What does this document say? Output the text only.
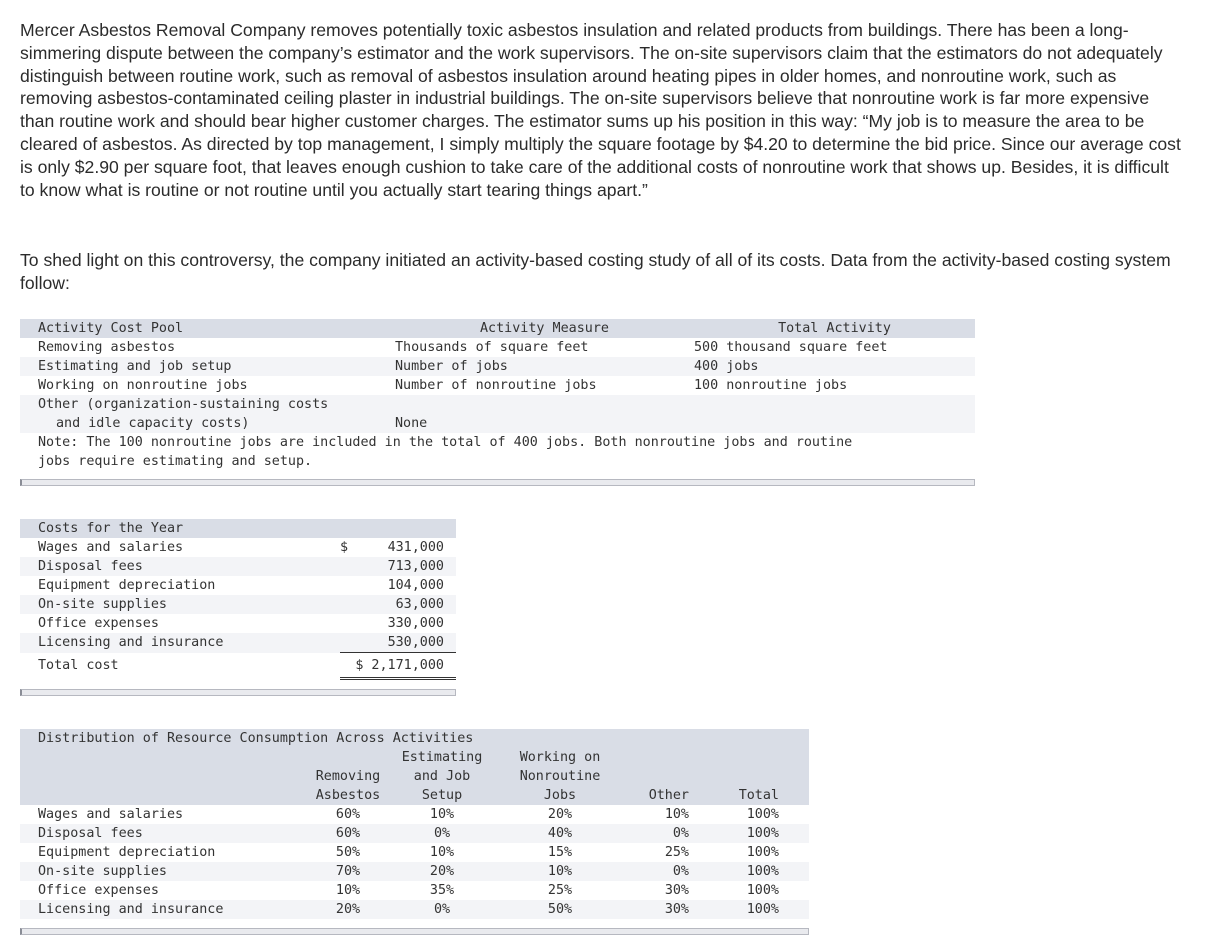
Mercer Asbestos Removal Company removes potentially toxic asbestos insulation and related products from buildings. There has been a long-simmering dispute between the company’s estimator and the work supervisors. The on-site supervisors claim that the estimators do not adequately distinguish between routine work, such as removal of asbestos insulation around heating pipes in older homes, and nonroutine work, such as removing asbestos-contaminated ceiling plaster in industrial buildings. The on-site supervisors believe that nonroutine work is far more expensive than routine work and should bear higher customer charges. The estimator sums up his position in this way: “My job is to measure the area to be cleared of asbestos. As directed by top management, I simply multiply the square footage by $4.20 to determine the bid price. Since our average cost is only $2.90 per square foot, that leaves enough cushion to take care of the additional costs of nonroutine work that shows up. Besides, it is difficult to know what is routine or not routine until you actually start tearing things apart.”

To shed light on this controversy, the company initiated an activity-based costing study of all of its costs. Data from the activity-based costing system follow:

	Activity Cost Pool	Activity Measure	Total Activity
	Removing asbestos	Thousands of square feet	500 thousand square feet
	Estimating and job setup	Number of jobs	400 jobs
	Working on nonroutine jobs	Number of nonroutine jobs	100 nonroutine jobs
	Other (organization-sustaining costs		
	and idle capacity costs)	None	
	Note: The 100 nonroutine jobs are included in the total of 400 jobs. Both nonroutine jobs and routine		
	jobs require estimating and setup.		
	Costs for the Year		
	Wages and salaries	$	431,000
	Disposal fees		713,000
	Equipment depreciation		104,000
	On-site supplies		63,000
	Office expenses		330,000
	Licensing and insurance		530,000
	Total cost	$ 2,171,000	
	Distribution of Resource Consumption Across Activities						
			Estimating	Working on			
		Removing	and Job	Nonroutine			
		Asbestos	Setup	Jobs	Other	Total	
	Wages and salaries	60%	10%	20%	10%	100%	
	Disposal fees	60%	0%	40%	0%	100%	
	Equipment depreciation	50%	10%	15%	25%	100%	
	On-site supplies	70%	20%	10%	0%	100%	
	Office expenses	10%	35%	25%	30%	100%	
	Licensing and insurance	20%	0%	50%	30%	100%	
